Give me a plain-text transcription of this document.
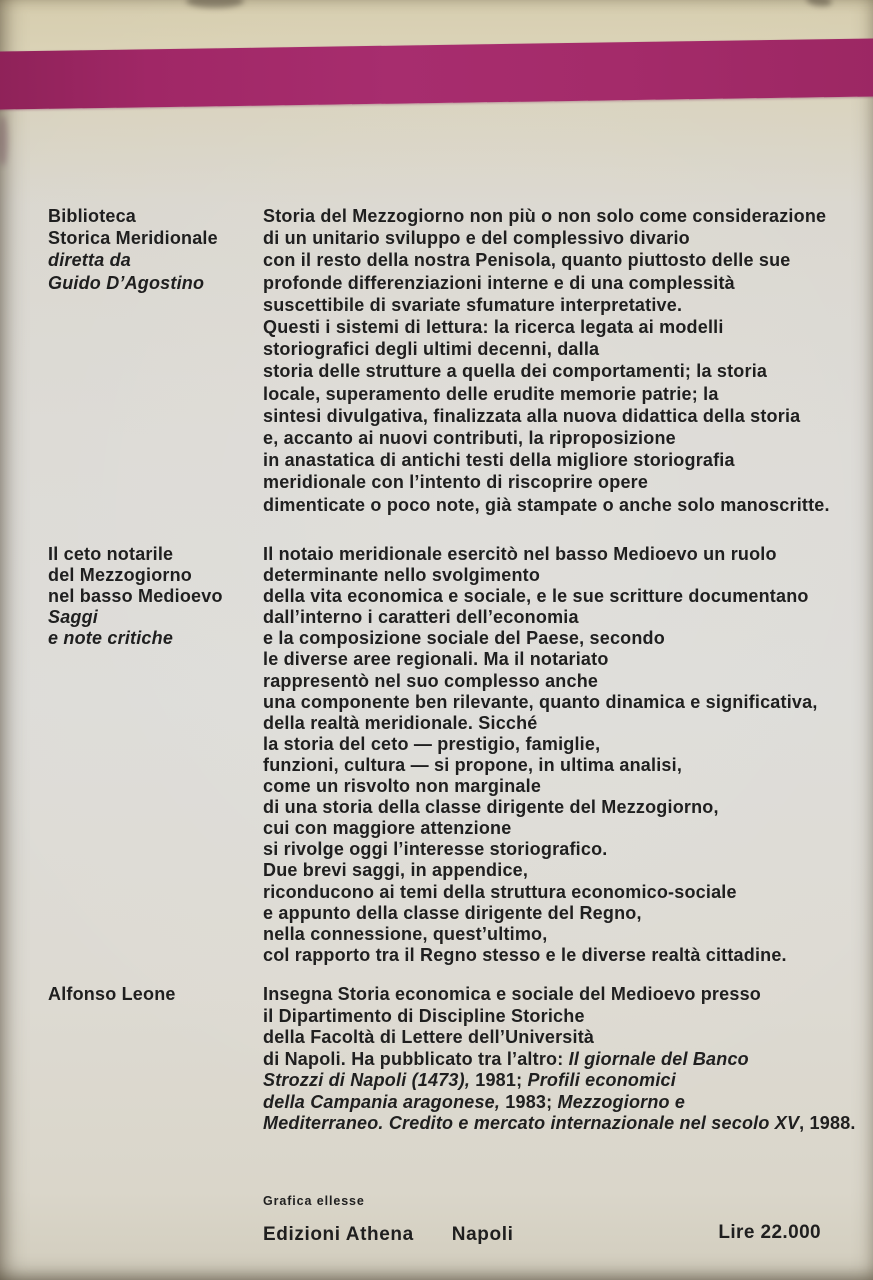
Biblioteca
Storica Meridionale
diretta da
Guido D’Agostino
Storia del Mezzogiorno non più o non solo come considerazione
di un unitario sviluppo e del complessivo divario
con il resto della nostra Penisola, quanto piuttosto delle sue
profonde differenziazioni interne e di una complessità
suscettibile di svariate sfumature interpretative.
Questi i sistemi di lettura: la ricerca legata ai modelli
storiografici degli ultimi decenni, dalla
storia delle strutture a quella dei comportamenti; la storia
locale, superamento delle erudite memorie patrie; la
sintesi divulgativa, finalizzata alla nuova didattica della storia
e, accanto ai nuovi contributi, la riproposizione
in anastatica di antichi testi della migliore storiografia
meridionale con l’intento di riscoprire opere
dimenticate o poco note, già stampate o anche solo manoscritte.
Il ceto notarile
del Mezzogiorno
nel basso Medioevo
Saggi
e note critiche
Il notaio meridionale esercitò nel basso Medioevo un ruolo
determinante nello svolgimento
della vita economica e sociale, e le sue scritture documentano
dall’interno i caratteri dell’economia
e la composizione sociale del Paese, secondo
le diverse aree regionali. Ma il notariato
rappresentò nel suo complesso anche
una componente ben rilevante, quanto dinamica e significativa,
della realtà meridionale. Sicché
la storia del ceto — prestigio, famiglie,
funzioni, cultura — si propone, in ultima analisi,
come un risvolto non marginale
di una storia della classe dirigente del Mezzogiorno,
cui con maggiore attenzione
si rivolge oggi l’interesse storiografico.
Due brevi saggi, in appendice,
riconducono ai temi della struttura economico-sociale
e appunto della classe dirigente del Regno,
nella connessione, quest’ultimo,
col rapporto tra il Regno stesso e le diverse realtà cittadine.
Alfonso Leone	Insegna Storia economica e sociale del Medioevo presso
il Dipartimento di Discipline Storiche
della Facoltà di Lettere dell’Università
di Napoli. Ha pubblicato tra l’altro: Il giornale del Banco
Strozzi di Napoli (1473), 1981; Profili economici
della Campania aragonese, 1983; Mezzogiorno e
Mediterraneo. Credito e mercato internazionale nel secolo XV, 1988.
Grafica ellesse
Edizioni Athena Napoli	Lire 22.000
